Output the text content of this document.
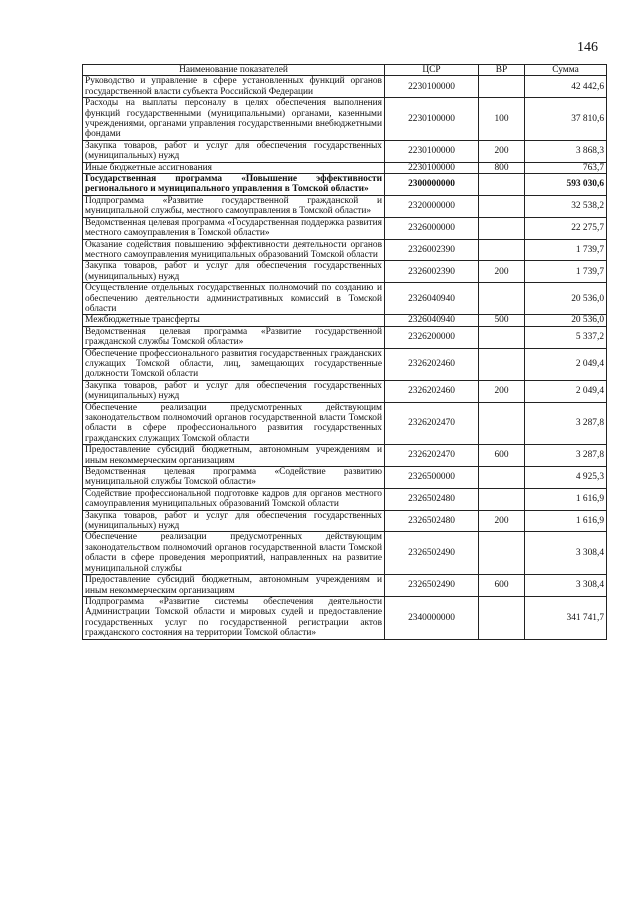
146
Наименование показателей	ЦСР	ВР	Сумма
Руководство и управление в сфере установленных функций органов государственной власти субъекта Российской Федерации	2230100000		42 442,6
Расходы на выплаты персоналу в целях обеспечения выполнения функций государственными (муниципальными) органами, казенными учреждениями, органами управления государственными внебюджетными фондами	2230100000	100	37 810,6
Закупка товаров, работ и услуг для обеспечения государственных (муниципальных) нужд	2230100000	200	3 868,3
Иные бюджетные ассигнования	2230100000	800	763,7
Государственная программа «Повышение эффективности регионального и муниципального управления в Томской области»	2300000000		593 030,6
Подпрограмма «Развитие государственной гражданской и муниципальной службы, местного самоуправления в Томской области»	2320000000		32 538,2
Ведомственная целевая программа «Государственная поддержка развития местного самоуправления в Томской области»	2326000000		22 275,7
Оказание содействия повышению эффективности деятельности органов местного самоуправления муниципальных образований Томской области	2326002390		1 739,7
Закупка товаров, работ и услуг для обеспечения государственных (муниципальных) нужд	2326002390	200	1 739,7
Осуществление отдельных государственных полномочий по созданию и обеспечению деятельности административных комиссий в Томской области	2326040940		20 536,0
Межбюджетные трансферты	2326040940	500	20 536,0
Ведомственная целевая программа «Развитие государственной гражданской службы Томской области»	2326200000		5 337,2
Обеспечение профессионального развития государственных гражданских служащих Томской области, лиц, замещающих государственные должности Томской области	2326202460		2 049,4
Закупка товаров, работ и услуг для обеспечения государственных (муниципальных) нужд	2326202460	200	2 049,4
Обеспечение реализации предусмотренных действующим законодательством полномочий органов государственной власти Томской области в сфере профессионального развития государственных гражданских служащих Томской области	2326202470		3 287,8
Предоставление субсидий бюджетным, автономным учреждениям и иным некоммерческим организациям	2326202470	600	3 287,8
Ведомственная целевая программа «Содействие развитию муниципальной службы Томской области»	2326500000		4 925,3
Содействие профессиональной подготовке кадров для органов местного самоуправления муниципальных образований Томской области	2326502480		1 616,9
Закупка товаров, работ и услуг для обеспечения государственных (муниципальных) нужд	2326502480	200	1 616,9
Обеспечение реализации предусмотренных действующим законодательством полномочий органов государственной власти Томской области в сфере проведения мероприятий, направленных на развитие муниципальной службы	2326502490		3 308,4
Предоставление субсидий бюджетным, автономным учреждениям и иным некоммерческим организациям	2326502490	600	3 308,4
Подпрограмма «Развитие системы обеспечения деятельности Администрации Томской области и мировых судей и предоставление государственных услуг по государственной регистрации актов гражданского состояния на территории Томской области»	2340000000		341 741,7
